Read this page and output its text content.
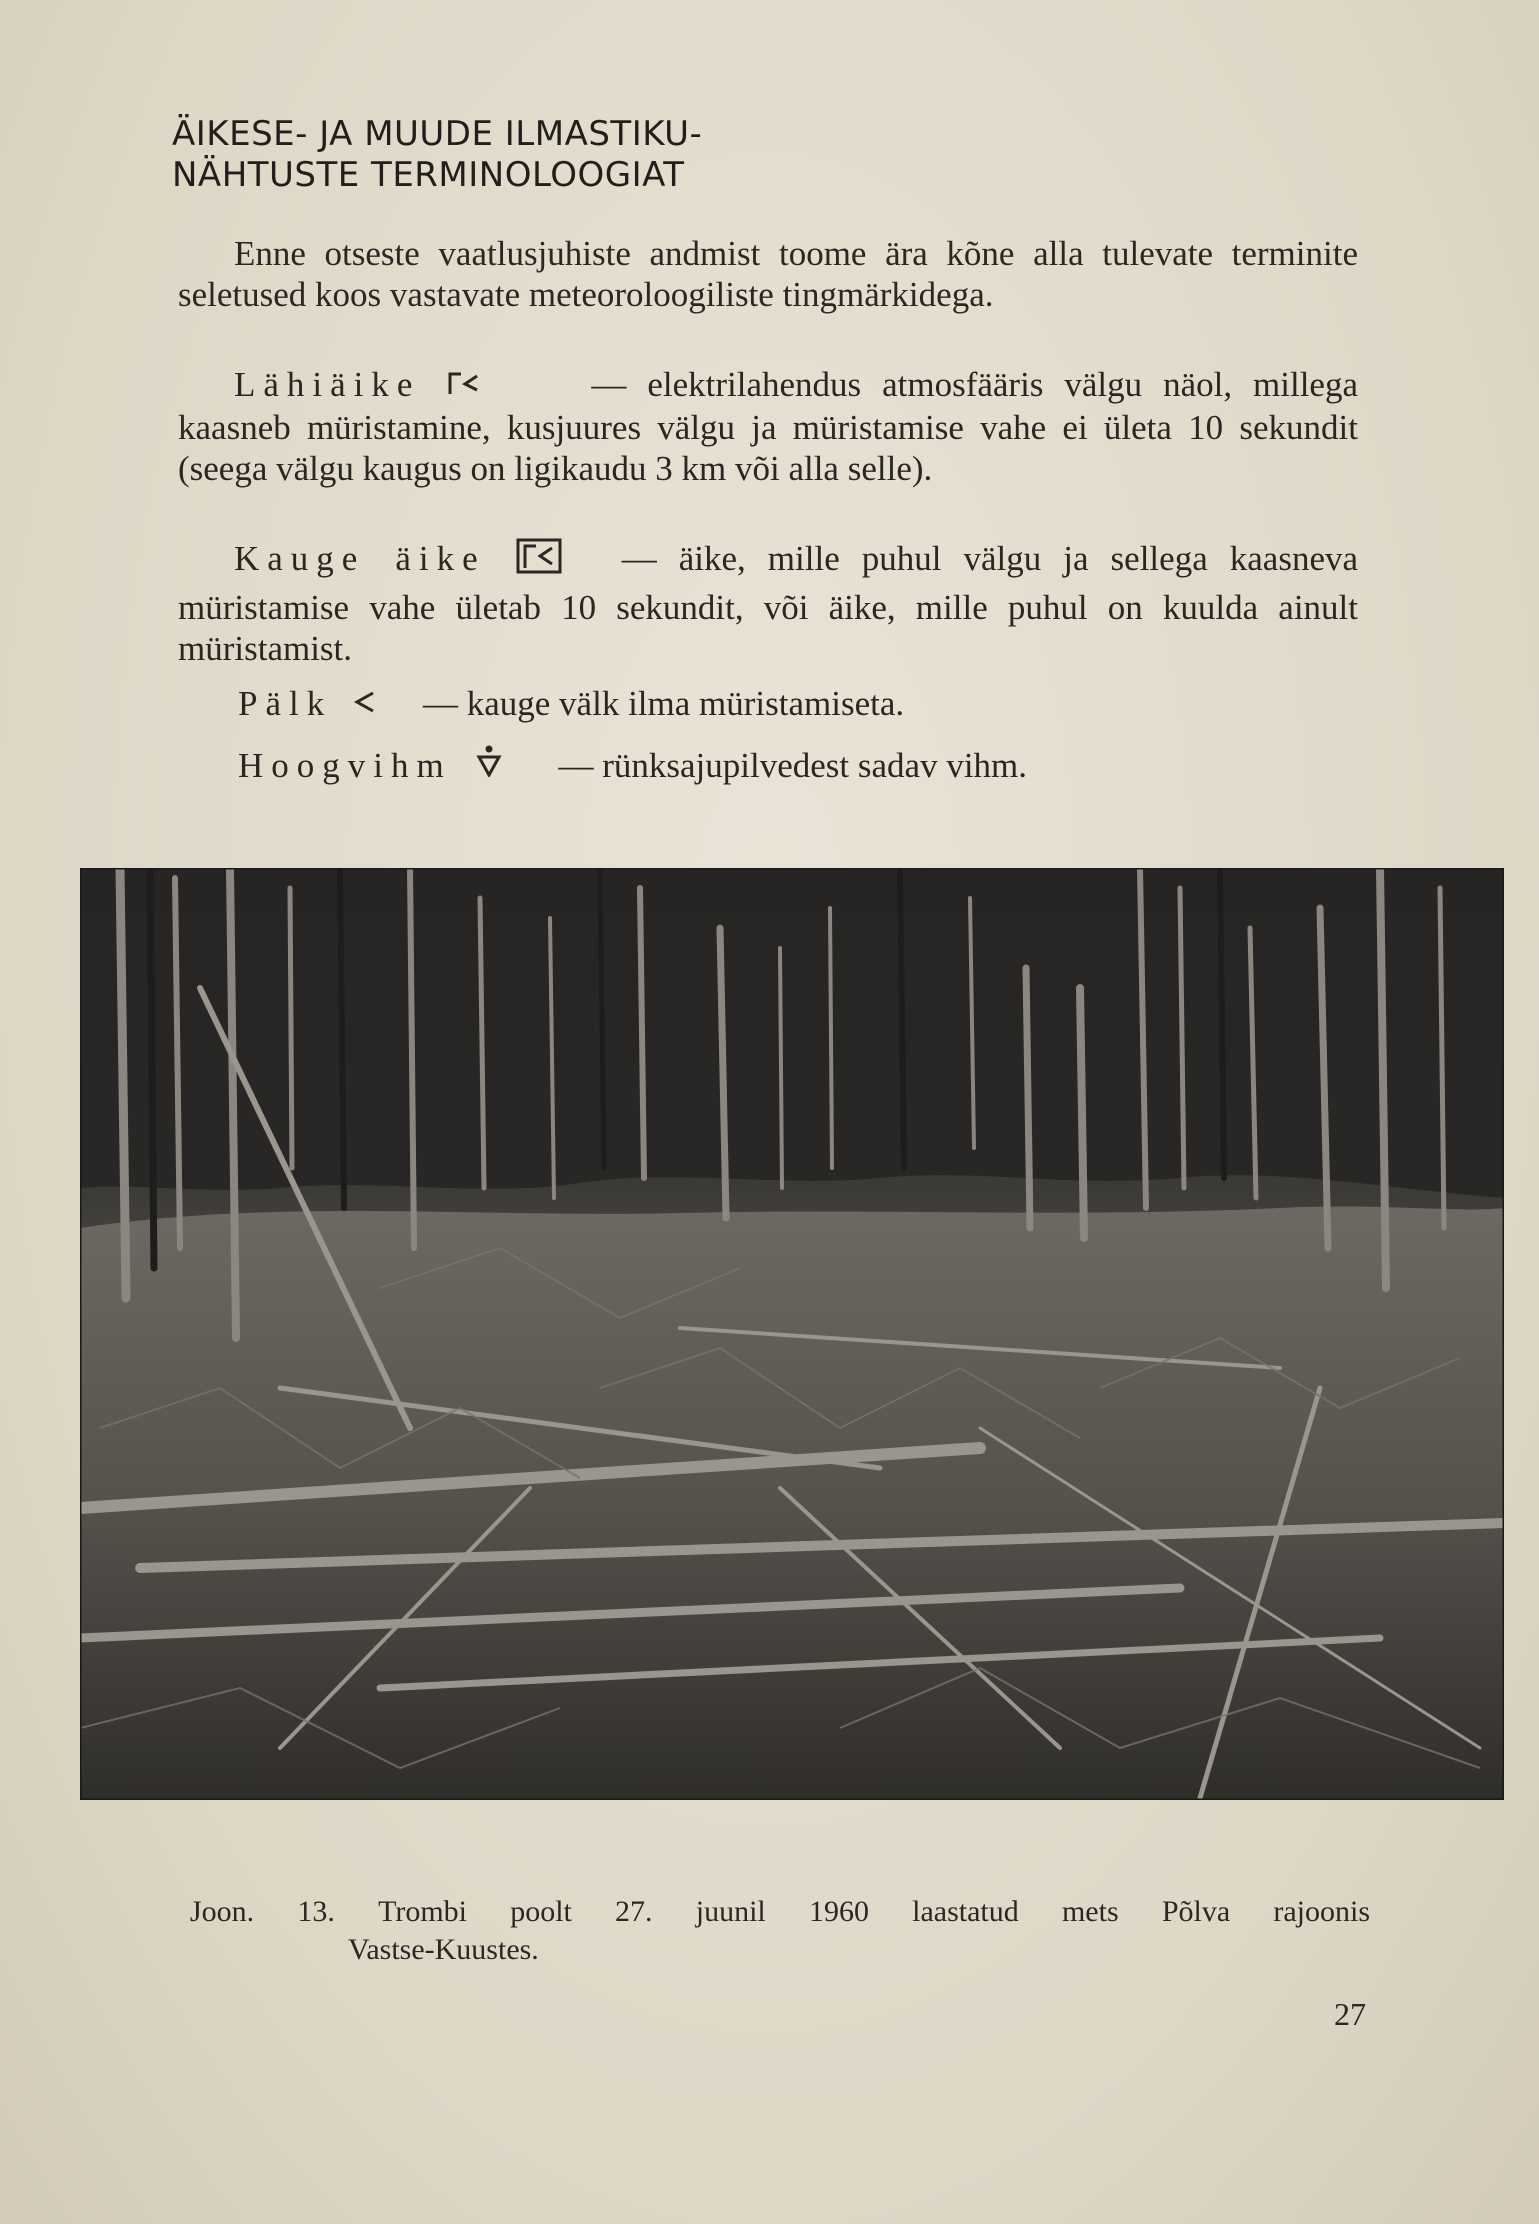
ÄIKESE- JA MUUDE ILMASTIKU-
NÄHTUSTE TERMINOLOOGIAT

Enne otseste vaatlusjuhiste andmist toome ära kõne alla tulevate terminite seletused koos vastavate meteoroloogiliste tingmärkidega.

Lähiäike	— elektrilahendus atmosfääris välgu näol, millega kaasneb müristamine, kusjuures välgu ja müristamise vahe ei ületa 10 sekundit (seega välgu kaugus on ligikaudu 3 km või alla selle).
Kauge äike	— äike, mille puhul välgu ja sellega kaasneva müristamise vahe ületab 10 sekundit, või äike, mille puhul on kuulda ainult müristamist.
Pälk	— kauge välk ilma müristamiseta.
Hoogvihm	— rünksajupilvedest sadav vihm.
Joon. 13. Trombi poolt 27. juunil 1960 laastatud mets Põlva rajoonis
Vastse-Kuustes.
27
